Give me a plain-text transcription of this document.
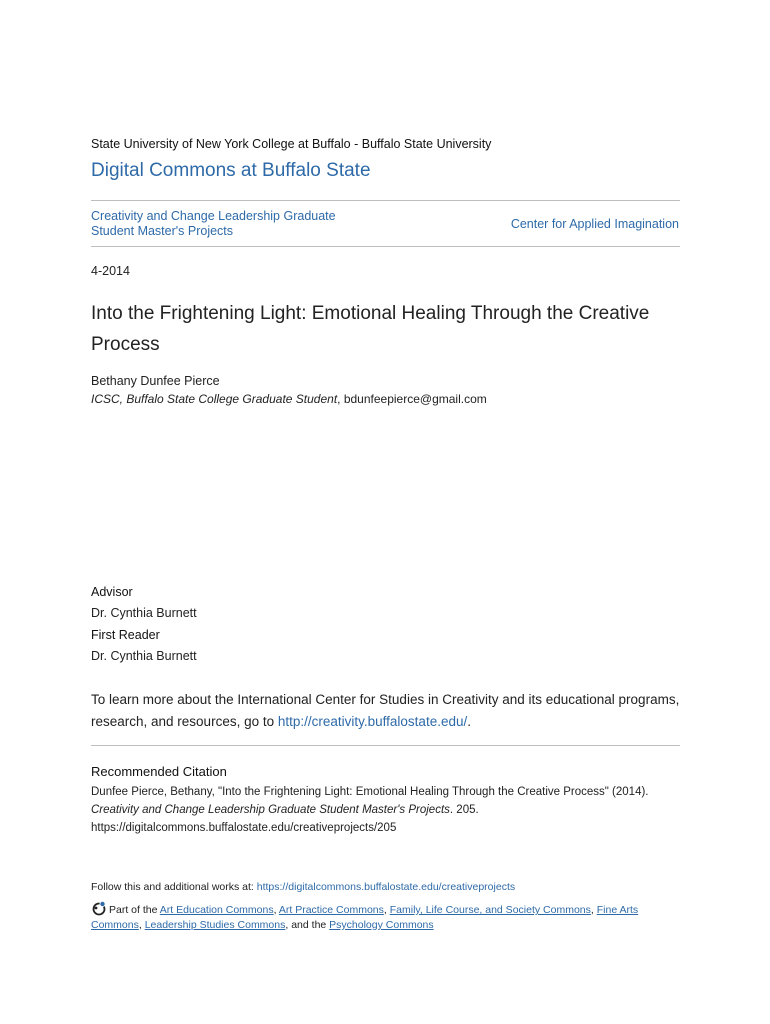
State University of New York College at Buffalo - Buffalo State University
Digital Commons at Buffalo State
Creativity and Change Leadership Graduate Student Master's Projects	Center for Applied Imagination
4-2014
Into the Frightening Light: Emotional Healing Through the Creative Process
Bethany Dunfee Pierce
ICSC, Buffalo State College Graduate Student, bdunfeepierce@gmail.com
Advisor
Dr. Cynthia Burnett
First Reader
Dr. Cynthia Burnett
To learn more about the International Center for Studies in Creativity and its educational programs, research, and resources, go to http://creativity.buffalostate.edu/.
Recommended Citation
Dunfee Pierce, Bethany, "Into the Frightening Light: Emotional Healing Through the Creative Process" (2014). Creativity and Change Leadership Graduate Student Master's Projects. 205.
https://digitalcommons.buffalostate.edu/creativeprojects/205
Follow this and additional works at: https://digitalcommons.buffalostate.edu/creativeprojects
Part of the Art Education Commons, Art Practice Commons, Family, Life Course, and Society Commons, Fine Arts Commons, Leadership Studies Commons, and the Psychology Commons
